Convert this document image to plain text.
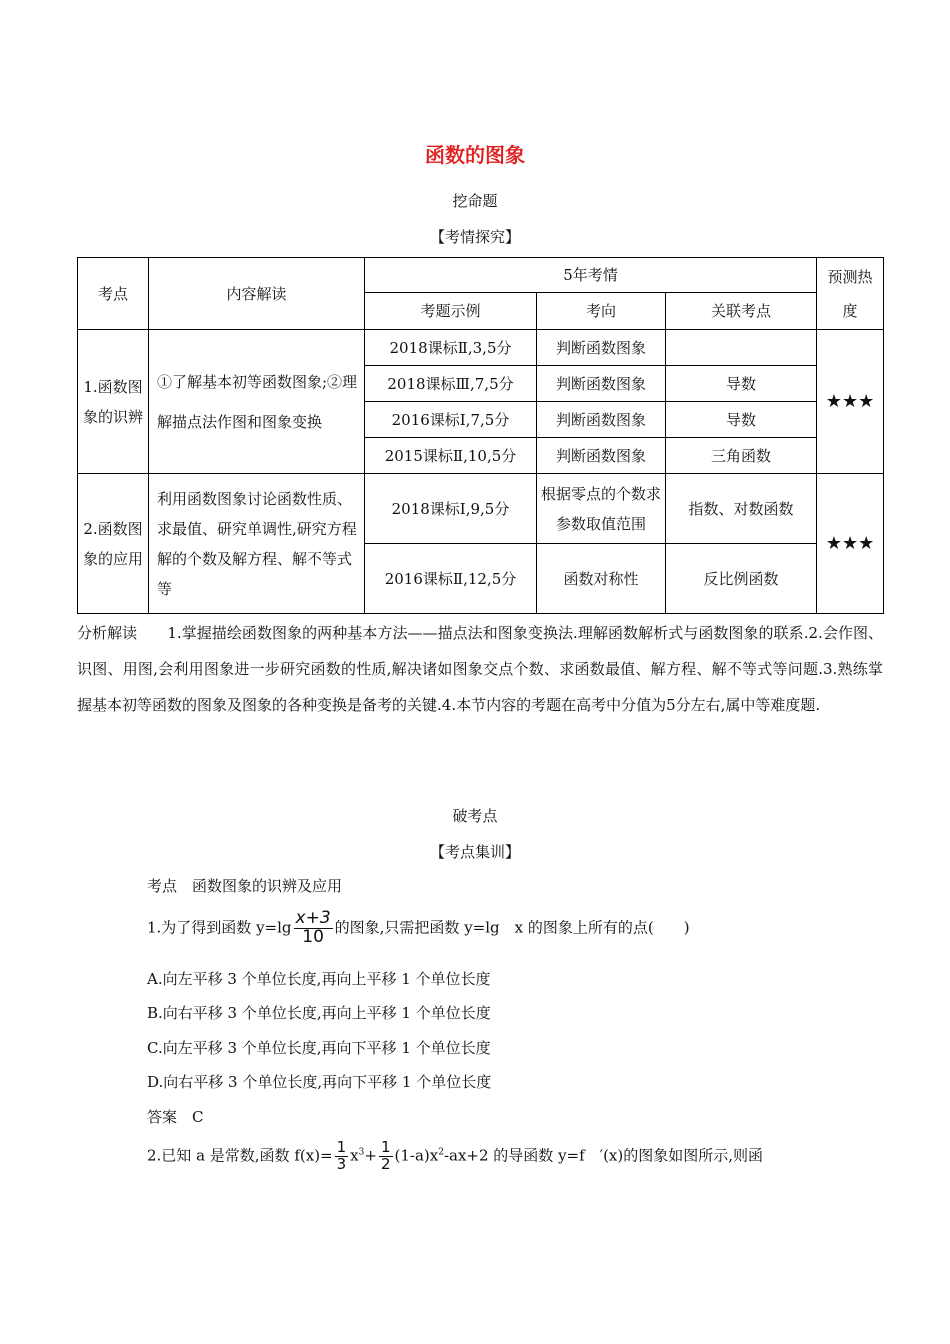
函数的图象
挖命题
【考情探究】
考点	内容解读	5年考情			预测热度
		考题示例	考向	关联考点	
1.函数图象的识辨	①了解基本初等函数图象;②理解描点法作图和图象变换	2018课标Ⅱ,3,5分	判断函数图象		★★★
		2018课标Ⅲ,7,5分	判断函数图象	导数	
		2016课标Ⅰ,7,5分	判断函数图象	导数	
		2015课标Ⅱ,10,5分	判断函数图象	三角函数	
2.函数图象的应用	利用函数图象讨论函数性质、求最值、研究单调性,研究方程解的个数及解方程、解不等式等	2018课标Ⅰ,9,5分	根据零点的个数求参数取值范围	指数、对数函数	★★★
		2016课标Ⅱ,12,5分	函数对称性	反比例函数	
分析解读　　1.掌握描绘函数图象的两种基本方法——描点法和图象变换法.理解函数解析式与函数图象的联系.2.会作图、识图、用图,会利用图象进一步研究函数的性质,解决诸如图象交点个数、求函数最值、解方程、解不等式等问题.3.熟练掌握基本初等函数的图象及图象的各种变换是备考的关键.4.本节内容的考题在高考中分值为5分左右,属中等难度题.
破考点
【考点集训】
考点　函数图象的识辨及应用
1.为了得到函数 $y=\lg \frac{x+3}{10}$ 的图象,只需把函数 y=lg　x 的图象上所有的点(　　)
A.向左平移 3 个单位长度,再向上平移 1 个单位长度
B.向右平移 3 个单位长度,再向上平移 1 个单位长度
C.向左平移 3 个单位长度,再向下平移 1 个单位长度
D.向右平移 3 个单位长度,再向下平移 1 个单位长度
答案　C
2.已知 a 是常数,函数 $f(x)= \frac{1}{3} x^3+ \frac{1}{2} (1-a)x^2-ax+2$ 的导函数 y=f　′(x)的图象如图所示,则函
